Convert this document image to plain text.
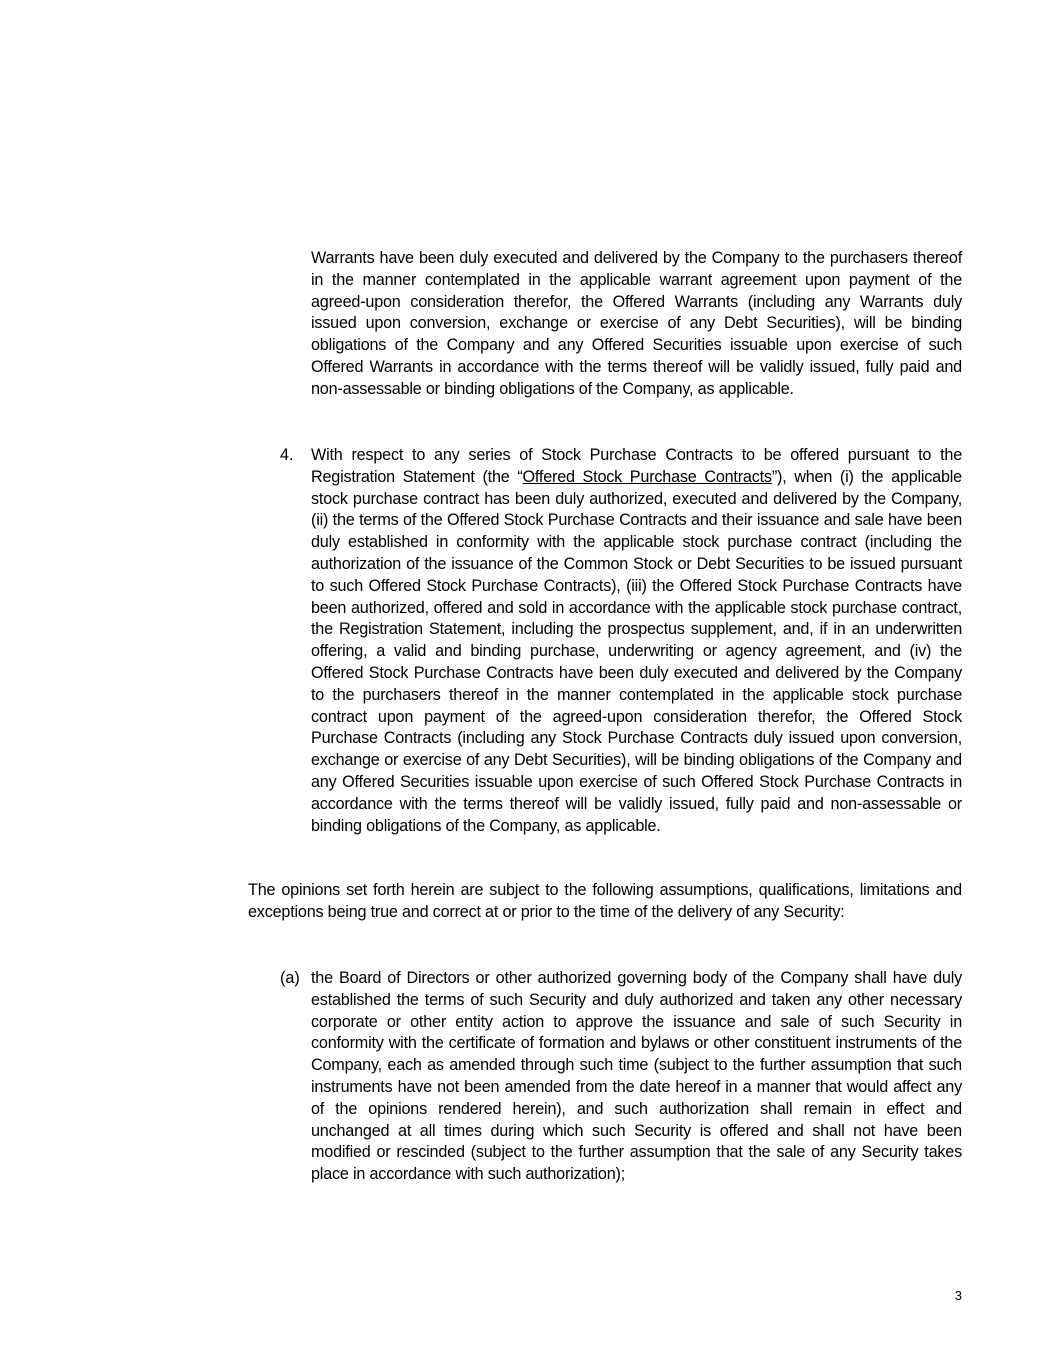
Warrants have been duly executed and delivered by the Company to the purchasers thereof in the manner contemplated in the applicable warrant agreement upon payment of the agreed-upon consideration therefor, the Offered Warrants (including any Warrants duly issued upon conversion, exchange or exercise of any Debt Securities), will be binding obligations of the Company and any Offered Securities issuable upon exercise of such Offered Warrants in accordance with the terms thereof will be validly issued, fully paid and non-assessable or binding obligations of the Company, as applicable.

4. With respect to any series of Stock Purchase Contracts to be offered pursuant to the Registration Statement (the “Offered Stock Purchase Contracts”), when (i) the applicable stock purchase contract has been duly authorized, executed and delivered by the Company, (ii) the terms of the Offered Stock Purchase Contracts and their issuance and sale have been duly established in conformity with the applicable stock purchase contract (including the authorization of the issuance of the Common Stock or Debt Securities to be issued pursuant to such Offered Stock Purchase Contracts), (iii) the Offered Stock Purchase Contracts have been authorized, offered and sold in accordance with the applicable stock purchase contract, the Registration Statement, including the prospectus supplement, and, if in an underwritten offering, a valid and binding purchase, underwriting or agency agreement, and (iv) the Offered Stock Purchase Contracts have been duly executed and delivered by the Company to the purchasers thereof in the manner contemplated in the applicable stock purchase contract upon payment of the agreed-upon consideration therefor, the Offered Stock Purchase Contracts (including any Stock Purchase Contracts duly issued upon conversion, exchange or exercise of any Debt Securities), will be binding obligations of the Company and any Offered Securities issuable upon exercise of such Offered Stock Purchase Contracts in accordance with the terms thereof will be validly issued, fully paid and non-assessable or binding obligations of the Company, as applicable.

The opinions set forth herein are subject to the following assumptions, qualifications, limitations and exceptions being true and correct at or prior to the time of the delivery of any Security:

(a) the Board of Directors or other authorized governing body of the Company shall have duly established the terms of such Security and duly authorized and taken any other necessary corporate or other entity action to approve the issuance and sale of such Security in conformity with the certificate of formation and bylaws or other constituent instruments of the Company, each as amended through such time (subject to the further assumption that such instruments have not been amended from the date hereof in a manner that would affect any of the opinions rendered herein), and such authorization shall remain in effect and unchanged at all times during which such Security is offered and shall not have been modified or rescinded (subject to the further assumption that the sale of any Security takes place in accordance with such authorization);

3
